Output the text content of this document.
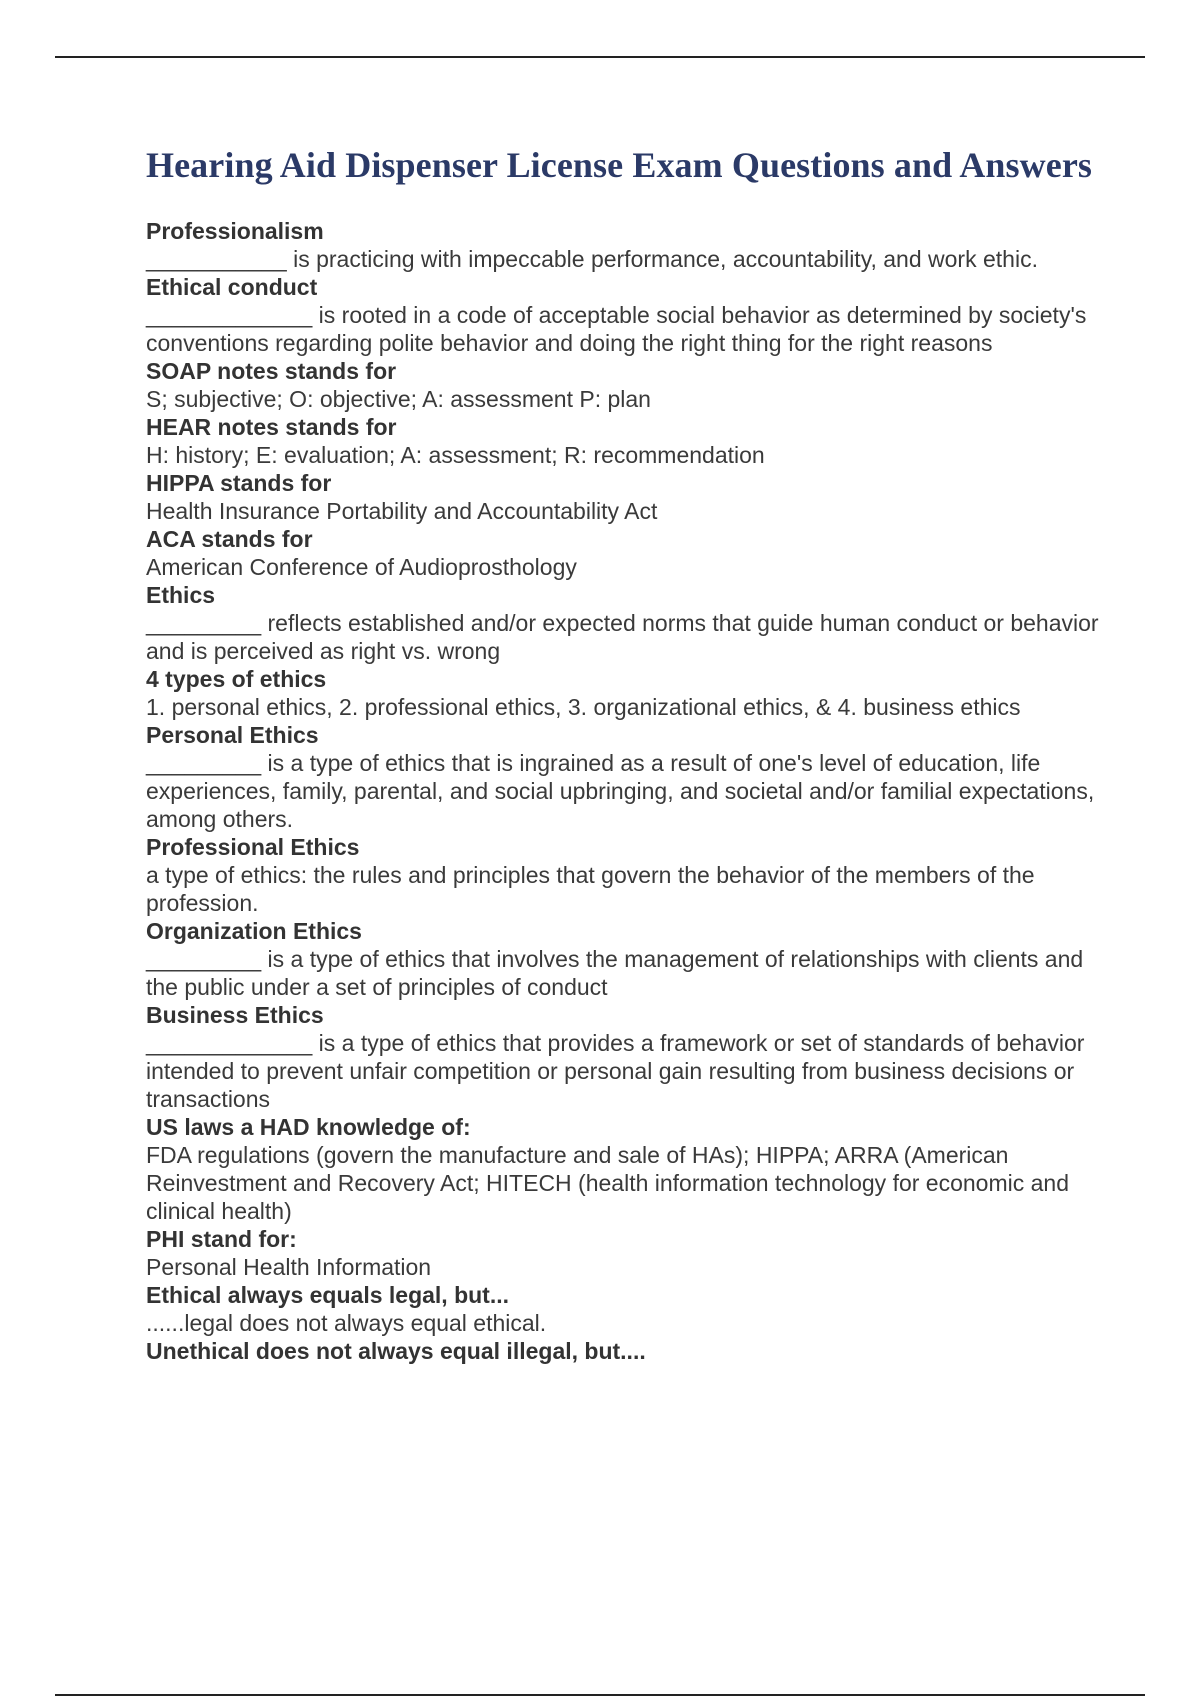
Hearing Aid Dispenser License Exam Questions and Answers
Professionalism
___________ is practicing with impeccable performance, accountability, and work ethic.
Ethical conduct
_____________ is rooted in a code of acceptable social behavior as determined by society's conventions regarding polite behavior and doing the right thing for the right reasons
SOAP notes stands for
S; subjective; O: objective; A: assessment P: plan
HEAR notes stands for
H: history; E: evaluation; A: assessment; R: recommendation
HIPPA stands for
Health Insurance Portability and Accountability Act
ACA stands for
American Conference of Audioprosthology
Ethics
_________ reflects established and/or expected norms that guide human conduct or behavior and is perceived as right vs. wrong
4 types of ethics
1. personal ethics, 2. professional ethics, 3. organizational ethics, & 4. business ethics
Personal Ethics
_________ is a type of ethics that is ingrained as a result of one's level of education, life experiences, family, parental, and social upbringing, and societal and/or familial expectations, among others.
Professional Ethics
a type of ethics: the rules and principles that govern the behavior of the members of the profession.
Organization Ethics
_________ is a type of ethics that involves the management of relationships with clients and the public under a set of principles of conduct
Business Ethics
_____________ is a type of ethics that provides a framework or set of standards of behavior intended to prevent unfair competition or personal gain resulting from business decisions or transactions
US laws a HAD knowledge of:
FDA regulations (govern the manufacture and sale of HAs); HIPPA; ARRA (American Reinvestment and Recovery Act; HITECH (health information technology for economic and clinical health)
PHI stand for:
Personal Health Information
Ethical always equals legal, but...
......legal does not always equal ethical.
Unethical does not always equal illegal, but....
